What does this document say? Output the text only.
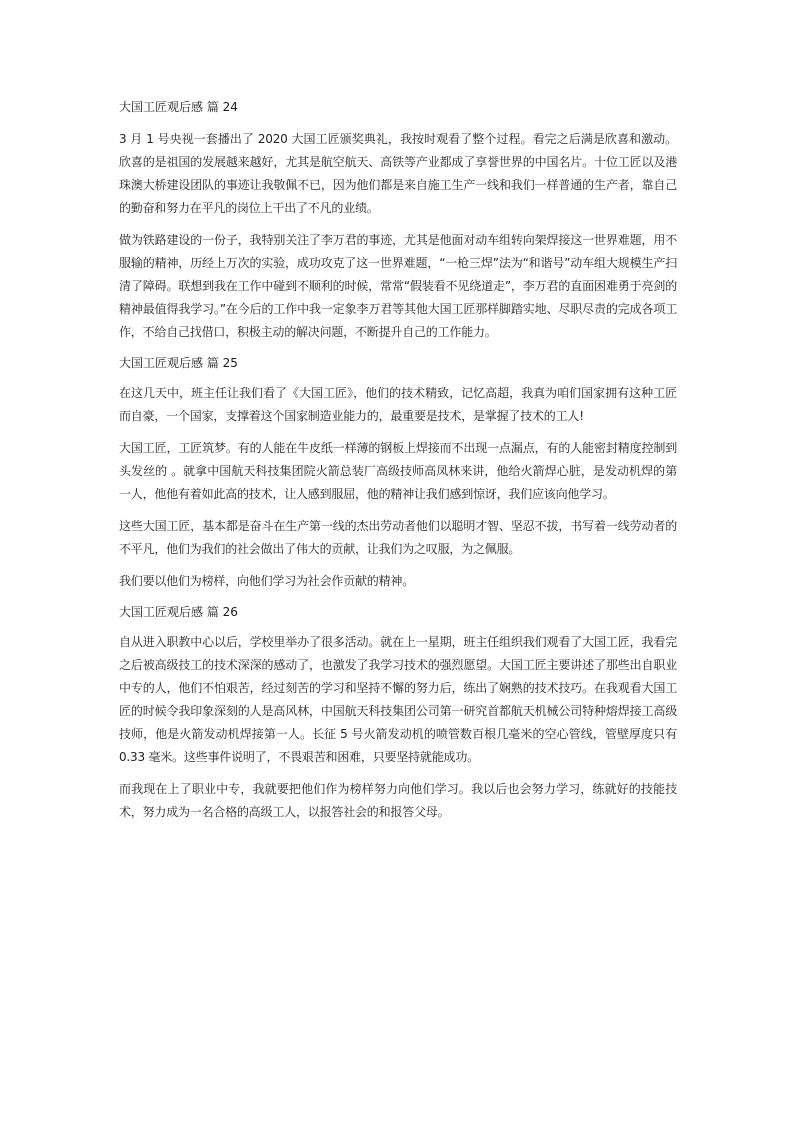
大国工匠观后感 篇 24

3 月 1 号央视一套播出了 2020 大国工匠颁奖典礼，我按时观看了整个过程。看完之后满是欣喜和激动。欣喜的是祖国的发展越来越好，尤其是航空航天、高铁等产业都成了享誉世界的中国名片。十位工匠以及港珠澳大桥建设团队的事迹让我敬佩不已，因为他们都是来自施工生产一线和我们一样普通的生产者，靠自己的勤奋和努力在平凡的岗位上干出了不凡的业绩。

做为铁路建设的一份子，我特别关注了李万君的事迹，尤其是他面对动车组转向架焊接这一世界难题，用不服输的精神，历经上万次的实验，成功攻克了这一世界难题，“一枪三焊”法为“和谐号”动车组大规模生产扫清了障碍。联想到我在工作中碰到不顺利的时候，常常“假装看不见绕道走”，李万君的直面困难勇于亮剑的精神最值得我学习。”在今后的工作中我一定象李万君等其他大国工匠那样脚踏实地、尽职尽责的完成各项工作，不给自己找借口，积极主动的解决问题，不断提升自己的工作能力。

大国工匠观后感 篇 25

在这几天中，班主任让我们看了《大国工匠》，他们的技术精致，记忆高超，我真为咱们国家拥有这种工匠而自豪，一个国家，支撑着这个国家制造业能力的，最重要是技术，是掌握了技术的工人!

大国工匠，工匠筑梦。有的人能在牛皮纸一样薄的钢板上焊接而不出现一点漏点，有的人能密封精度控制到头发丝的 。就拿中国航天科技集团院火箭总装厂高级技师高凤林来讲，他给火箭焊心脏，是发动机焊的第一人，他他有着如此高的技术，让人感到服屈，他的精神让我们感到惊讶，我们应该向他学习。

这些大国工匠，基本都是奋斗在生产第一线的杰出劳动者他们以聪明才智、坚忍不拔，书写着一线劳动者的不平凡，他们为我们的社会做出了伟大的贡献，让我们为之叹服，为之佩服。

我们要以他们为榜样，向他们学习为社会作贡献的精神。

大国工匠观后感 篇 26

自从进入职教中心以后，学校里举办了很多活动。就在上一星期，班主任组织我们观看了大国工匠，我看完之后被高级技工的技术深深的感动了，也激发了我学习技术的强烈愿望。大国工匠主要讲述了那些出自职业中专的人，他们不怕艰苦，经过刻苦的学习和坚持不懈的努力后，练出了娴熟的技术技巧。在我观看大国工匠的时候令我印象深刻的人是高风林，中国航天科技集团公司第一研究首都航天机械公司特种熔焊接工高级技师，他是火箭发动机焊接第一人。长征 5 号火箭发动机的喷管数百根几毫米的空心管线，管壁厚度只有 0.33 毫米。这些事件说明了，不畏艰苦和困难，只要坚持就能成功。

而我现在上了职业中专，我就要把他们作为榜样努力向他们学习。我以后也会努力学习，练就好的技能技术，努力成为一名合格的高级工人，以报答社会的和报答父母。
